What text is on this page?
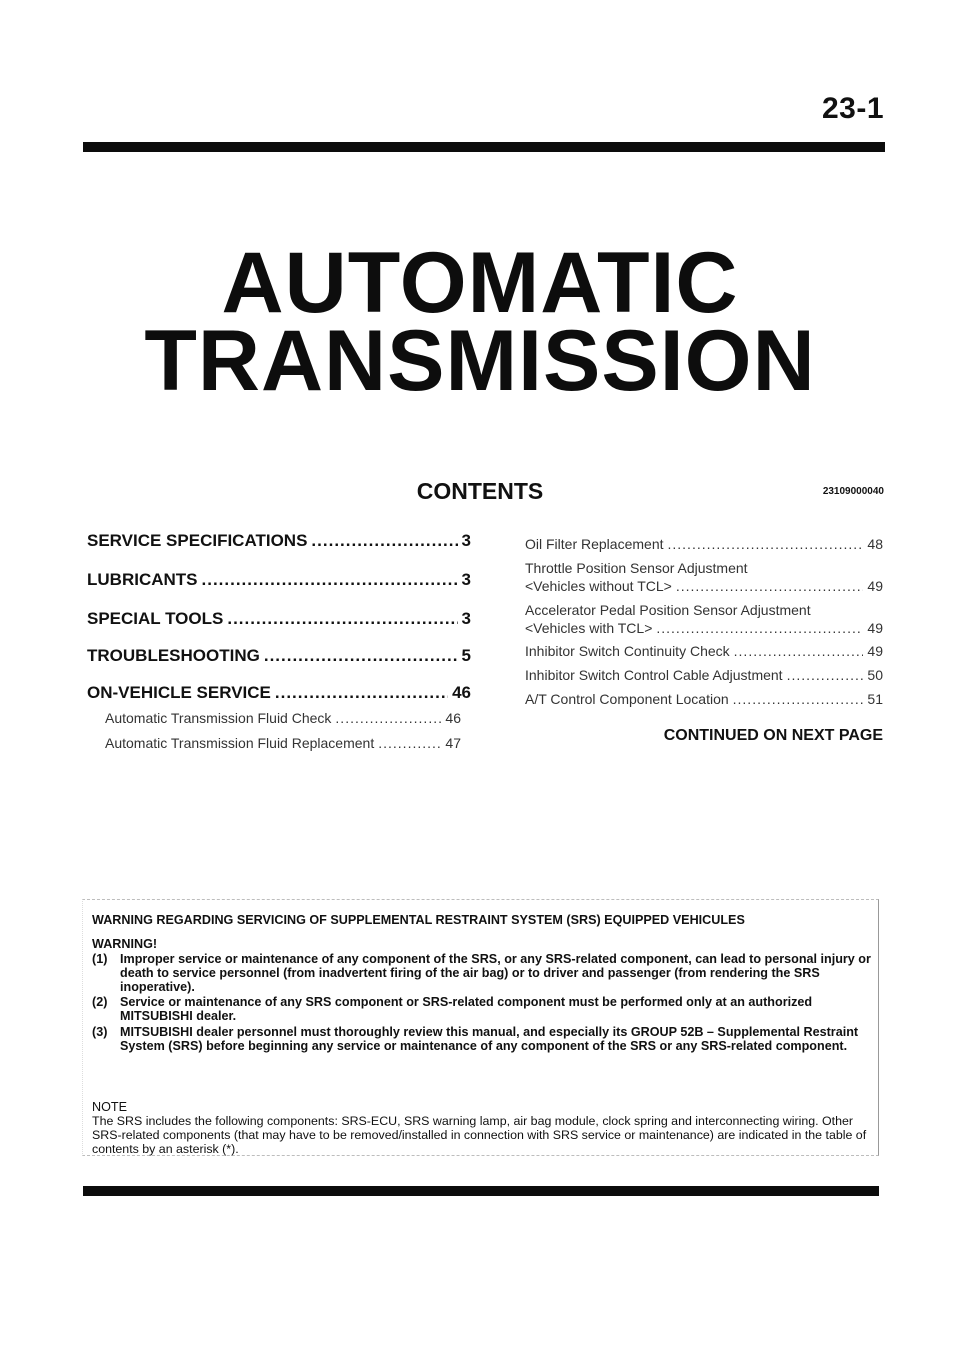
23-1
AUTOMATIC
TRANSMISSION
CONTENTS	23109000040
SERVICE SPECIFICATIONS .....	3
LUBRICANTS .....	3
SPECIAL TOOLS .....	3
TROUBLESHOOTING .....	5
ON-VEHICLE SERVICE .....	46
Automatic Transmission Fluid Check .....	46
Automatic Transmission Fluid Replacement .....	47
Oil Filter Replacement .....	48
Throttle Position Sensor Adjustment
<Vehicles without TCL> .....	49
Accelerator Pedal Position Sensor Adjustment
<Vehicles with TCL> .....	49
Inhibitor Switch Continuity Check .....	49
Inhibitor Switch Control Cable Adjustment .....	50
A/T Control Component Location .....	51
CONTINUED ON NEXT PAGE
WARNING REGARDING SERVICING OF SUPPLEMENTAL RESTRAINT SYSTEM (SRS) EQUIPPED VEHICULES
WARNING!
(1) Improper service or maintenance of any component of the SRS, or any SRS-related component, can lead to personal injury or death to service personnel (from inadvertent firing of the air bag) or to driver and passenger (from rendering the SRS inoperative).
(2) Service or maintenance of any SRS component or SRS-related component must be performed only at an authorized MITSUBISHI dealer.
(3) MITSUBISHI dealer personnel must thoroughly review this manual, and especially its GROUP 52B – Supplemental Restraint System (SRS) before beginning any service or maintenance of any component of the SRS or any SRS-related component.
NOTE
The SRS includes the following components: SRS-ECU, SRS warning lamp, air bag module, clock spring and interconnecting wiring. Other SRS-related components (that may have to be removed/installed in connection with SRS service or maintenance) are indicated in the table of contents by an asterisk (*).
